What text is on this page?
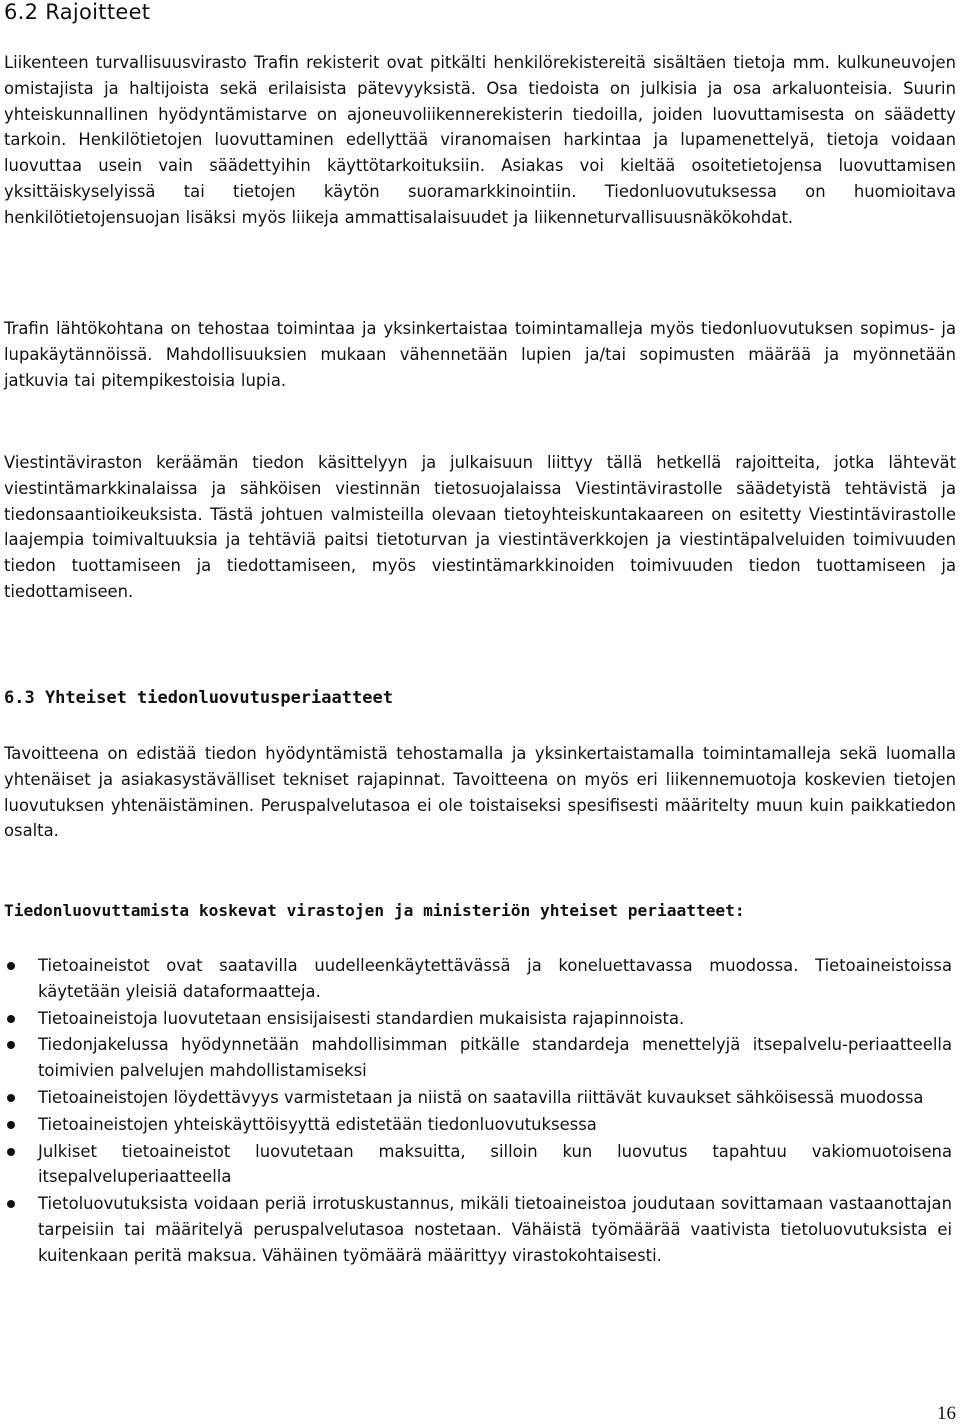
6.2 Rajoitteet

Liikenteen turvallisuusvirasto Trafin rekisterit ovat pitkälti henkilörekistereitä sisältäen tietoja mm. kulkuneuvojen omistajista ja haltijoista sekä erilaisista pätevyyksistä. Osa tiedoista on julkisia ja osa arkaluonteisia. Suurin yhteiskunnallinen hyödyntämistarve on ajoneuvoliikennerekisterin tiedoilla, joiden luovuttamisesta on säädetty tarkoin. Henkilötietojen luovuttaminen edellyttää viranomaisen harkintaa ja lupamenettelyä, tietoja voidaan luovuttaa usein vain säädettyihin käyttötarkoituksiin. Asiakas voi kieltää osoitetietojensa luovuttamisen yksittäiskyselyissä tai tietojen käytön suoramarkkinointiin. Tiedonluovutuksessa on huomioitava henkilötietojensuojan lisäksi myös liikeja ammattisalaisuudet ja liikenneturvallisuusnäkökohdat.

Trafin lähtökohtana on tehostaa toimintaa ja yksinkertaistaa toimintamalleja myös tiedonluovutuksen sopimus- ja lupakäytännöissä. Mahdollisuuksien mukaan vähennetään lupien ja/tai sopimusten määrää ja myönnetään jatkuvia tai pitempikestoisia lupia.

Viestintäviraston keräämän tiedon käsittelyyn ja julkaisuun liittyy tällä hetkellä rajoitteita, jotka lähtevät viestintämarkkinalaissa ja sähköisen viestinnän tietosuojalaissa Viestintävirastolle säädetyistä tehtävistä ja tiedonsaantioikeuksista. Tästä johtuen valmisteilla olevaan tietoyhteiskuntakaareen on esitetty Viestintävirastolle laajempia toimivaltuuksia ja tehtäviä paitsi tietoturvan ja viestintäverkkojen ja viestintäpalveluiden toimivuuden tiedon tuottamiseen ja tiedottamiseen, myös viestintämarkkinoiden toimivuuden tiedon tuottamiseen ja tiedottamiseen.

6.3 Yhteiset tiedonluovutusperiaatteet

Tavoitteena on edistää tiedon hyödyntämistä tehostamalla ja yksinkertaistamalla toimintamalleja sekä luomalla yhtenäiset ja asiakasystävälliset tekniset rajapinnat. Tavoitteena on myös eri liikennemuotoja koskevien tietojen luovutuksen yhtenäistäminen. Peruspalvelutasoa ei ole toistaiseksi spesifisesti määritelty muun kuin paikkatiedon osalta.

Tiedonluovuttamista koskevat virastojen ja ministeriön yhteiset periaatteet:

Tietoaineistot ovat saatavilla uudelleenkäytettävässä ja koneluettavassa muodossa. Tietoaineistoissa käytetään yleisiä dataformaatteja.
Tietoaineistoja luovutetaan ensisijaisesti standardien mukaisista rajapinnoista.
Tiedonjakelussa hyödynnetään mahdollisimman pitkälle standardeja menettelyjä itsepalvelu-periaatteella toimivien palvelujen mahdollistamiseksi
Tietoaineistojen löydettävyys varmistetaan ja niistä on saatavilla riittävät kuvaukset sähköisessä muodossa
Tietoaineistojen yhteiskäyttöisyyttä edistetään tiedonluovutuksessa
Julkiset tietoaineistot luovutetaan maksuitta, silloin kun luovutus tapahtuu vakiomuotoisena itsepalveluperiaatteella
Tietoluovutuksista voidaan periä irrotuskustannus, mikäli tietoaineistoa joudutaan sovittamaan vastaanottajan tarpeisiin tai määritelyä peruspalvelutasoa nostetaan. Vähäistä työmäärää vaativista tietoluovutuksista ei kuitenkaan peritä maksua. Vähäinen työmäärä määrittyy virastokohtaisesti.
16
